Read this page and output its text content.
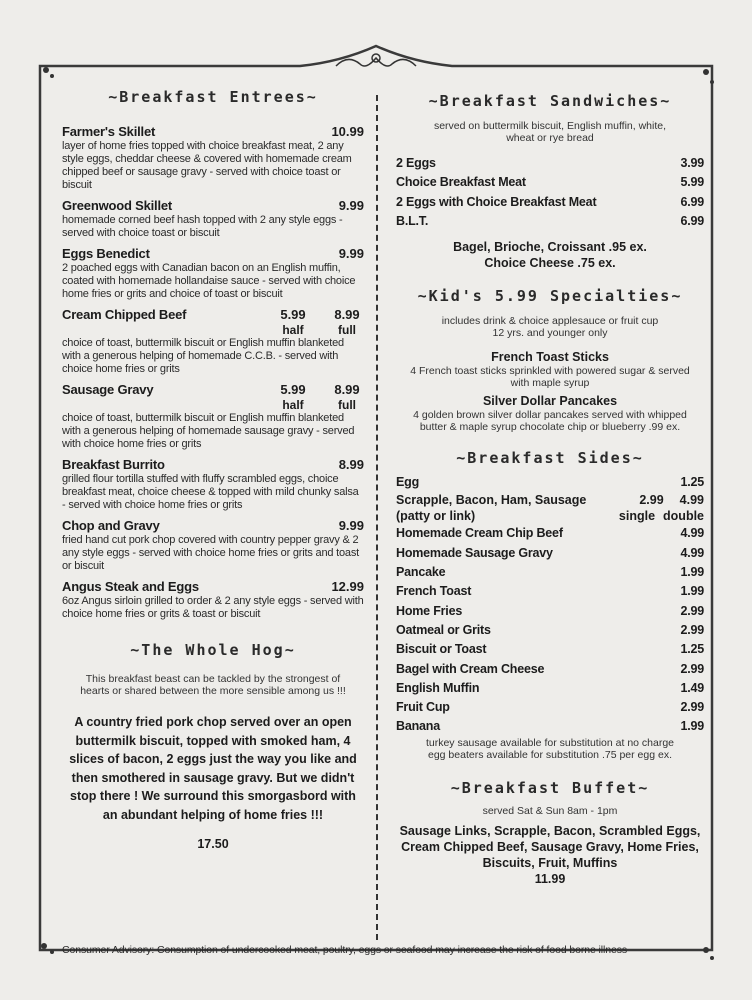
~Breakfast Entrees~
Farmer's Skillet	10.99
layer of home fries topped with choice breakfast meat, 2 any style eggs, cheddar cheese & covered with homemade cream chipped beef or sausage gravy - served with choice toast or biscuit
Greenwood Skillet	9.99
homemade corned beef hash topped with 2 any style eggs - served with choice toast or biscuit
Eggs Benedict	9.99
2 poached eggs with Canadian bacon on an English muffin, coated with homemade hollandaise sauce - served with choice home fries or grits and choice of toast or biscuit
Cream Chipped Beef	5.99	8.99
half	full
choice of toast, buttermilk biscuit or English muffin blanketed with a generous helping of homemade C.C.B. - served with choice home fries or grits
Sausage Gravy	5.99	8.99
half	full
choice of toast, buttermilk biscuit or English muffin blanketed with a generous helping of homemade sausage gravy - served with choice home fries or grits
Breakfast Burrito	8.99
grilled flour tortilla stuffed with fluffy scrambled eggs, choice breakfast meat, choice cheese & topped with mild chunky salsa - served with choice home fries or grits
Chop and Gravy	9.99
fried hand cut pork chop covered with country pepper gravy & 2 any style eggs - served with choice home fries or grits and toast or biscuit
Angus Steak and Eggs	12.99
6oz Angus sirloin grilled to order & 2 any style eggs - served with choice home fries or grits & toast or biscuit
~The Whole Hog~
This breakfast beast can be tackled by the strongest of hearts or shared between the more sensible among us !!!
A country fried pork chop served over an open buttermilk biscuit, topped with smoked ham, 4 slices of bacon, 2 eggs just the way you like and then smothered in sausage gravy. But we didn't stop there ! We surround this smorgasbord with an abundant helping of home fries !!!
17.50
~Breakfast Sandwiches~
served on buttermilk biscuit, English muffin, white, wheat or rye bread
2 Eggs	3.99
Choice Breakfast Meat	5.99
2 Eggs with Choice Breakfast Meat	6.99
B.L.T.	6.99
Bagel, Brioche, Croissant .95 ex.
Choice Cheese .75 ex.
~Kid's 5.99 Specialties~
includes drink & choice applesauce or fruit cup
12 yrs. and younger only
French Toast Sticks
4 French toast sticks sprinkled with powered sugar & served with maple syrup
Silver Dollar Pancakes
4 golden brown silver dollar pancakes served with whipped butter & maple syrup chocolate chip or blueberry .99 ex.
~Breakfast Sides~
Egg	1.25
Scrapple, Bacon, Ham, Sausage	2.99 4.99
(patty or link)	single double
Homemade Cream Chip Beef	4.99
Homemade Sausage Gravy	4.99
Pancake	1.99
French Toast	1.99
Home Fries	2.99
Oatmeal or Grits	2.99
Biscuit or Toast	1.25
Bagel with Cream Cheese	2.99
English Muffin	1.49
Fruit Cup	2.99
Banana	1.99
turkey sausage available for substitution at no charge
egg beaters available for substitution .75 per egg ex.
~Breakfast Buffet~
served Sat & Sun 8am - 1pm
Sausage Links, Scrapple, Bacon, Scrambled Eggs, Cream Chipped Beef, Sausage Gravy, Home Fries, Biscuits, Fruit, Muffins
11.99
Consumer Advisory: Consumption of undercooked meat, poultry, eggs or seafood may increase the risk of food borne illness
